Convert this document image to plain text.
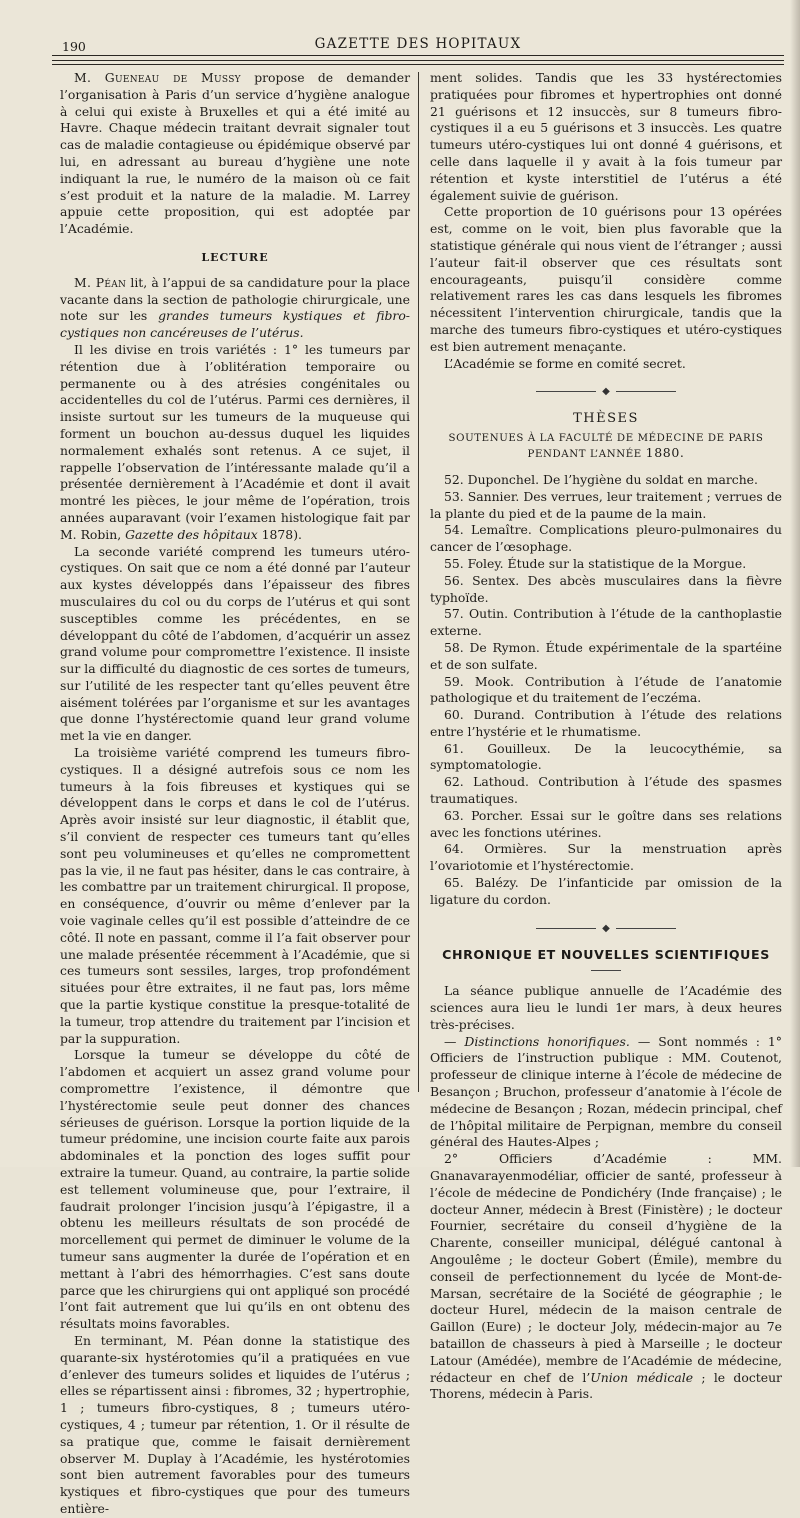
190	GAZETTE DES HOPITAUX

M. Gueneau de Mussy propose de demander l’organisation à Paris d’un service d’hygiène analogue à celui qui existe à Bruxelles et qui a été imité au Havre. Chaque médecin traitant devrait signaler tout cas de maladie contagieuse ou épidémique observé par lui, en adressant au bureau d’hygiène une note indiquant la rue, le numéro de la maison où ce fait s’est produit et la nature de la maladie. M. Larrey appuie cette proposition, qui est adoptée par l’Académie.

LECTURE

M. Péan lit, à l’appui de sa candidature pour la place vacante dans la section de pathologie chirurgicale, une note sur les grandes tumeurs kystiques et fibro-cystiques non cancéreuses de l’utérus.

Il les divise en trois variétés : 1° les tumeurs par rétention due à l’oblitération temporaire ou permanente ou à des atrésies congénitales ou accidentelles du col de l’utérus. Parmi ces dernières, il insiste surtout sur les tumeurs de la muqueuse qui forment un bouchon au-dessus duquel les liquides normalement exhalés sont retenus. A ce sujet, il rappelle l’observation de l’intéressante malade qu’il a présentée dernièrement à l’Académie et dont il avait montré les pièces, le jour même de l’opération, trois années auparavant (voir l’examen histologique fait par M. Robin, Gazette des hôpitaux 1878).

La seconde variété comprend les tumeurs utéro-cystiques. On sait que ce nom a été donné par l’auteur aux kystes développés dans l’épaisseur des fibres musculaires du col ou du corps de l’utérus et qui sont susceptibles comme les précédentes, en se développant du côté de l’abdomen, d’acquérir un assez grand volume pour compromettre l’existence. Il insiste sur la difficulté du diagnostic de ces sortes de tumeurs, sur l’utilité de les respecter tant qu’elles peuvent être aisément tolérées par l’organisme et sur les avantages que donne l’hystérectomie quand leur grand volume met la vie en danger.

La troisième variété comprend les tumeurs fibro-cystiques. Il a désigné autrefois sous ce nom les tumeurs à la fois fibreuses et kystiques qui se développent dans le corps et dans le col de l’utérus. Après avoir insisté sur leur diagnostic, il établit que, s’il convient de respecter ces tumeurs tant qu’elles sont peu volumineuses et qu’elles ne compromettent pas la vie, il ne faut pas hésiter, dans le cas contraire, à les combattre par un traitement chirurgical. Il propose, en conséquence, d’ouvrir ou même d’enlever par la voie vaginale celles qu’il est possible d’atteindre de ce côté. Il note en passant, comme il l’a fait observer pour une malade présentée récemment à l’Académie, que si ces tumeurs sont sessiles, larges, trop profondément situées pour être extraites, il ne faut pas, lors même que la partie kystique constitue la presque-totalité de la tumeur, trop attendre du traitement par l’incision et par la suppuration.

Lorsque la tumeur se développe du côté de l’abdomen et acquiert un assez grand volume pour compromettre l’existence, il démontre que l’hystérectomie seule peut donner des chances sérieuses de guérison. Lorsque la portion liquide de la tumeur prédomine, une incision courte faite aux parois abdominales et la ponction des loges suffit pour extraire la tumeur. Quand, au contraire, la partie solide est tellement volumineuse que, pour l’extraire, il faudrait prolonger l’incision jusqu’à l’épigastre, il a obtenu les meilleurs résultats de son procédé de morcellement qui permet de diminuer le volume de la tumeur sans augmenter la durée de l’opération et en mettant à l’abri des hémorrhagies. C’est sans doute parce que les chirurgiens qui ont appliqué son procédé l’ont fait autrement que lui qu’ils en ont obtenu des résultats moins favorables.

En terminant, M. Péan donne la statistique des quarante-six hystérotomies qu’il a pratiquées en vue d’enlever des tumeurs solides et liquides de l’utérus ; elles se répartissent ainsi : fibromes, 32 ; hypertrophie, 1 ; tumeurs fibro-cystiques, 8 ; tumeurs utéro-cystiques, 4 ; tumeur par rétention, 1. Or il résulte de sa pratique que, comme le faisait dernièrement observer M. Duplay à l’Académie, les hystérotomies sont bien autrement favorables pour des tumeurs kystiques et fibro-cystiques que pour des tumeurs entière-

ment solides. Tandis que les 33 hystérectomies pratiquées pour fibromes et hypertrophies ont donné 21 guérisons et 12 insuccès, sur 8 tumeurs fibro-cystiques il a eu 5 guérisons et 3 insuccès. Les quatre tumeurs utéro-cystiques lui ont donné 4 guérisons, et celle dans laquelle il y avait à la fois tumeur par rétention et kyste interstitiel de l’utérus a été également suivie de guérison.

Cette proportion de 10 guérisons pour 13 opérées est, comme on le voit, bien plus favorable que la statistique générale qui nous vient de l’étranger ; aussi l’auteur fait-il observer que ces résultats sont encourageants, puisqu’il considère comme relativement rares les cas dans lesquels les fibromes nécessitent l’intervention chirurgicale, tandis que la marche des tumeurs fibro-cystiques et utéro-cystiques est bien autrement menaçante.

L’Académie se forme en comité secret.

◆
THÈSES
SOUTENUES À LA FACULTÉ DE MÉDECINE DE PARIS
PENDANT L’ANNÉE 1880.

52. Duponchel. De l’hygiène du soldat en marche.

53. Sannier. Des verrues, leur traitement ; verrues de la plante du pied et de la paume de la main.

54. Lemaître. Complications pleuro-pulmonaires du cancer de l’œsophage.

55. Foley. Étude sur la statistique de la Morgue.

56. Sentex. Des abcès musculaires dans la fièvre typhoïde.

57. Outin. Contribution à l’étude de la canthoplastie externe.

58. De Rymon. Étude expérimentale de la spartéine et de son sulfate.

59. Mook. Contribution à l’étude de l’anatomie pathologique et du traitement de l’eczéma.

60. Durand. Contribution à l’étude des relations entre l’hystérie et le rhumatisme.

61. Gouilleux. De la leucocythémie, sa symptomatologie.

62. Lathoud. Contribution à l’étude des spasmes traumatiques.

63. Porcher. Essai sur le goître dans ses relations avec les fonctions utérines.

64. Ormières. Sur la menstruation après l’ovariotomie et l’hystérectomie.

65. Balézy. De l’infanticide par omission de la ligature du cordon.

◆
CHRONIQUE ET NOUVELLES SCIENTIFIQUES

La séance publique annuelle de l’Académie des sciences aura lieu le lundi 1er mars, à deux heures très-précises.

— Distinctions honorifiques. — Sont nommés : 1° Officiers de l’instruction publique : MM. Coutenot, professeur de clinique interne à l’école de médecine de Besançon ; Bruchon, professeur d’anatomie à l’école de médecine de Besançon ; Rozan, médecin principal, chef de l’hôpital militaire de Perpignan, membre du conseil général des Hautes-Alpes ;

2° Officiers d’Académie : MM. Gnanavarayenmodéliar, officier de santé, professeur à l’école de médecine de Pondichéry (Inde française) ; le docteur Anner, médecin à Brest (Finistère) ; le docteur Fournier, secrétaire du conseil d’hygiène de la Charente, conseiller municipal, délégué cantonal à Angoulême ; le docteur Gobert (Émile), membre du conseil de perfectionnement du lycée de Mont-de-Marsan, secrétaire de la Société de géographie ; le docteur Hurel, médecin de la maison centrale de Gaillon (Eure) ; le docteur Joly, médecin-major au 7e bataillon de chasseurs à pied à Marseille ; le docteur Latour (Amédée), membre de l’Académie de médecine, rédacteur en chef de l’Union médicale ; le docteur Thorens, médecin à Paris.
